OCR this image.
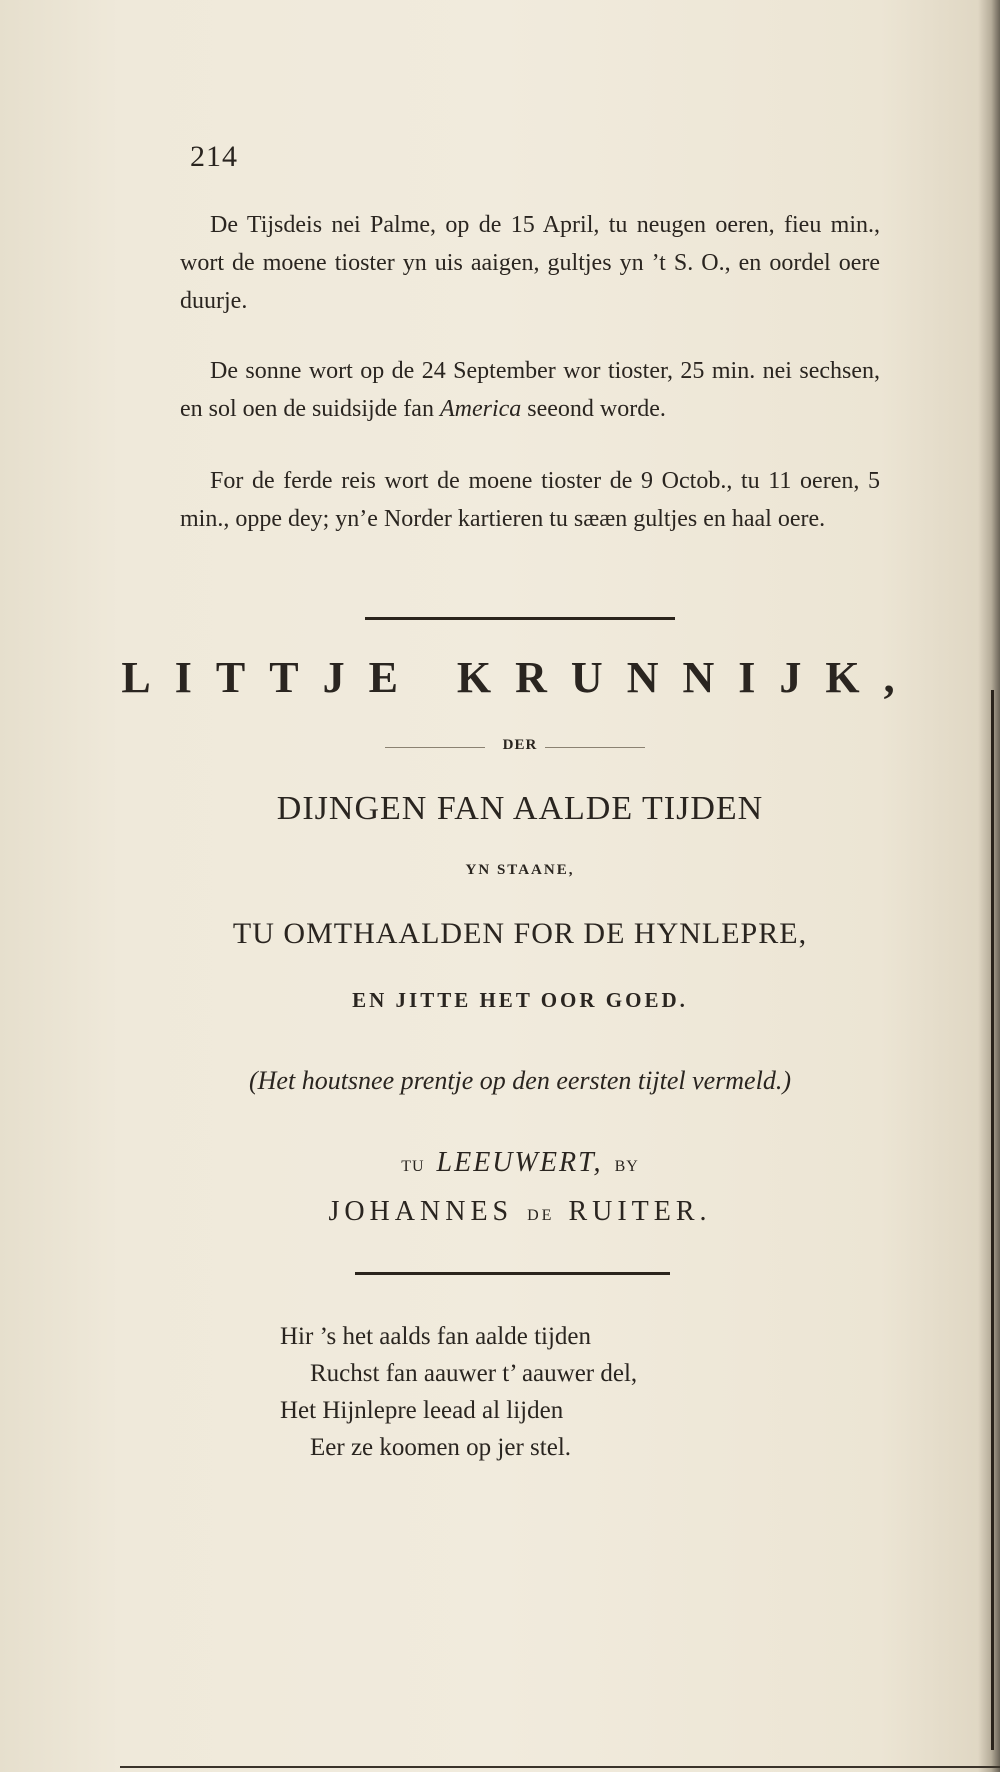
214

De Tijsdeis nei Palme, op de 15 April, tu neugen oeren, fieu min., wort de moene tioster yn uis aaigen, gultjes yn ’t S. O., en oordel oere duurje.

De sonne wort op de 24 September wor tioster, 25 min. nei sechsen, en sol oen de suidsijde fan America seeond worde.

For de ferde reis wort de moene tioster de 9 Octob., tu 11 oeren, 5 min., oppe dey; yn’e Norder kartieren tu sææn gultjes en haal oere.

LITTJE KRUNNIJK,
DER
DIJNGEN FAN AALDE TIJDEN
YN STAANE,
TU OMTHAALDEN FOR DE HYNLEPRE,
EN JITTE HET OOR GOED.
(Het houtsnee prentje op den eersten tijtel vermeld.)
TU LEEUWERT, BY
JOHANNES DE RUITER.
Hir ’s het aalds fan aalde tijden
Ruchst fan aauwer t’ aauwer del,
Het Hijnlepre leead al lijden
Eer ze koomen op jer stel.
